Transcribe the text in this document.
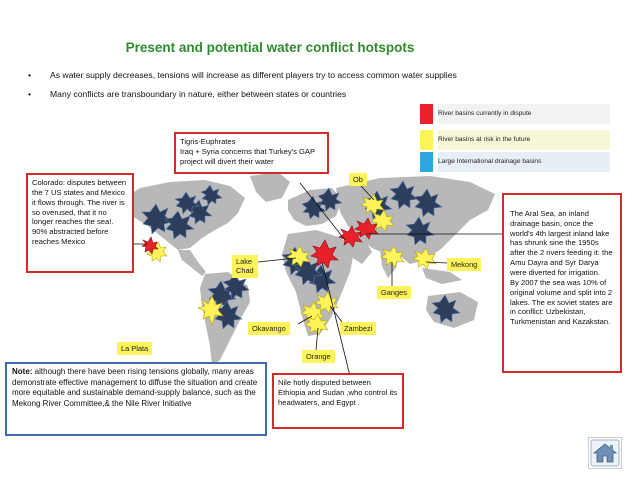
Present and potential water conflict hotspots
• As water supply decreases, tensions will increase as different players try to access common water supplies
• Many conflicts are transboundary in nature, either between states or countries
River basins currently in dispute
River basins at risk in the future
Large International drainage basins
Tigris-Euphrates
Iraq + Syria concerns that Turkey's GAP project will divert their water
Colorado: disputes between the 7 US states and Mexico it flows through. The river is so overused, that it no longer reaches the sea!. 90% abstracted before reaches Mexico

The Aral Sea, an inland drainage basin, once the world's 4th largest inland lake has shrunk sine the 1950s after the 2 rivers feeding it: the Amu Dayra and Syr Darya were diverted for irrigation.
By 2007 the sea was 10% of original volume and split into 2 lakes. The ex soviet states are in conflict: Uzbekistan, Turkmenistan and Kazakstan.

Nile hotly disputed between Ethiopia and Sudan ,who control its headwaters, and Egypt .
Ob
Lake
Chad
Mekong
Ganges
Okavango	Zambezi
Orange
La Plata
Note: although there have been rising tensions globally, many areas demonstrate effective management to diffuse the situation and create more equitable and sustainable demand-supply balance, such as the Mekong River Committee,& the Nile River Initiative
